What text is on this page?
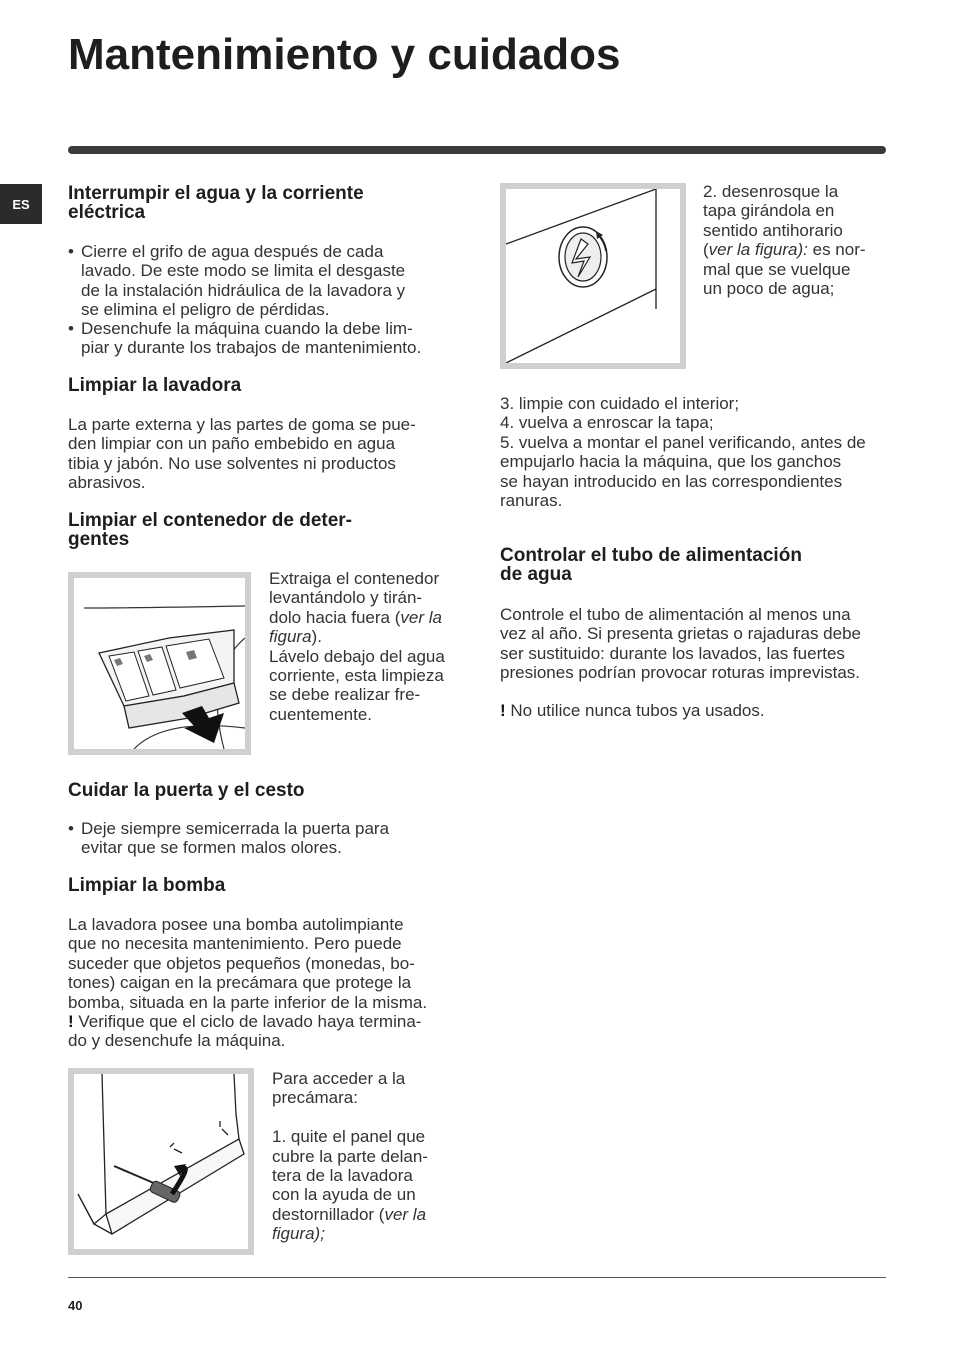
Mantenimiento y cuidados
ES	Interrumpir el agua y la corriente
eléctrica
• Cierre el grifo de agua después de cada
lavado. De este modo se limita el desgaste
de la instalación hidráulica de la lavadora y
se elimina el peligro de pérdidas.
• Desenchufe la máquina cuando la debe lim-
piar y durante los trabajos de mantenimiento.
Limpiar la lavadora
La parte externa y las partes de goma se pue-
den limpiar con un paño embebido en agua
tibia y jabón. No use solventes ni productos
abrasivos.
Limpiar el contenedor de deter-
gentes
Extraiga el contenedor
levantándolo y tirán-
dolo hacia fuera (ver la
figura).
Lávelo debajo del agua
corriente, esta limpieza
se debe realizar fre-
cuentemente.
Cuidar la puerta y el cesto
• Deje siempre semicerrada la puerta para
evitar que se formen malos olores.
Limpiar la bomba
La lavadora posee una bomba autolimpiante
que no necesita mantenimiento. Pero puede
suceder que objetos pequeños (monedas, bo-
tones) caigan en la precámara que protege la
bomba, situada en la parte inferior de la misma.
! Verifique que el ciclo de lavado haya termina-
do y desenchufe la máquina.
Para acceder a la
precámara:
1. quite el panel que
cubre la parte delan-
tera de la lavadora
con la ayuda de un
destornillador (ver la
figura);
2. desenrosque la
tapa girándola en
sentido antihorario
(ver la figura): es nor-
mal que se vuelque
un poco de agua;
3. limpie con cuidado el interior;
4. vuelva a enroscar la tapa;
5. vuelva a montar el panel verificando, antes de
empujarlo hacia la máquina, que los ganchos
se hayan introducido en las correspondientes
ranuras.
Controlar el tubo de alimentación
de agua
Controle el tubo de alimentación al menos una
vez al año. Si presenta grietas o rajaduras debe
ser sustituido: durante los lavados, las fuertes
presiones podrían provocar roturas imprevistas.
! No utilice nunca tubos ya usados.
40
